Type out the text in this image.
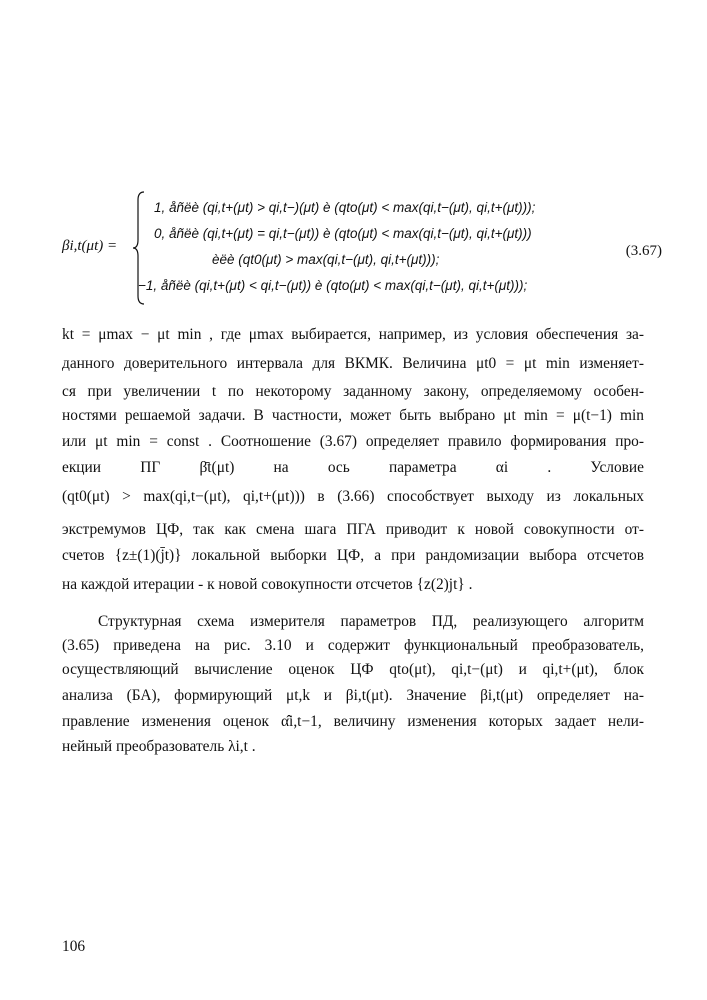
βi,t(μt) =
1, åñëè (qi,t+(μt) > qi,t−)(μt) è (qto(μt) < max(qi,t−(μt), qi,t+(μt)));
0, åñëè (qi,t+(μt) = qi,t−(μt)) è (qto(μt) < max(qi,t−(μt), qi,t+(μt)))
èëè (qt0(μt) > max(qi,t−(μt), qi,t+(μt)));
−1, åñëè (qi,t+(μt) < qi,t−(μt)) è (qto(μt) < max(qi,t−(μt), qi,t+(μt)));
(3.67)
kt = μmax − μt min , где μmax выбирается, например, из условия обеспечения за-
данного доверительного интервала для ВКМК. Величина μt0 = μt min изменяет-
ся при увеличении t по некоторому заданному закону, определяемому особен-
ностями решаемой задачи. В частности, может быть выбрано μt min = μ(t−1) min
или μt min = const . Соотношение (3.67) определяет правило формирования про-
екции ПГ β̄t(μt) на ось параметра αi . Условие
(qt0(μt) > max(qi,t−(μt), qi,t+(μt))) в (3.66) способствует выходу из локальных
экстремумов ЦФ, так как смена шага ПГА приводит к новой совокупности от-
счетов {z±(1)(j̄t)} локальной выборки ЦФ, а при рандомизации выбора отсчетов
на каждой итерации - к новой совокупности отсчетов {z(2)jt} .
Структурная схема измерителя параметров ПД, реализующего алгоритм
(3.65) приведена на рис. 3.10 и содержит функциональный преобразователь,
осуществляющий вычисление оценок ЦФ qto(μt), qi,t−(μt) и qi,t+(μt), блок
анализа (БА), формирующий μt,k и βi,t(μt). Значение βi,t(μt) определяет на-
правление изменения оценок α̂i,t−1, величину изменения которых задает нели-
нейный преобразователь λi,t .
106
